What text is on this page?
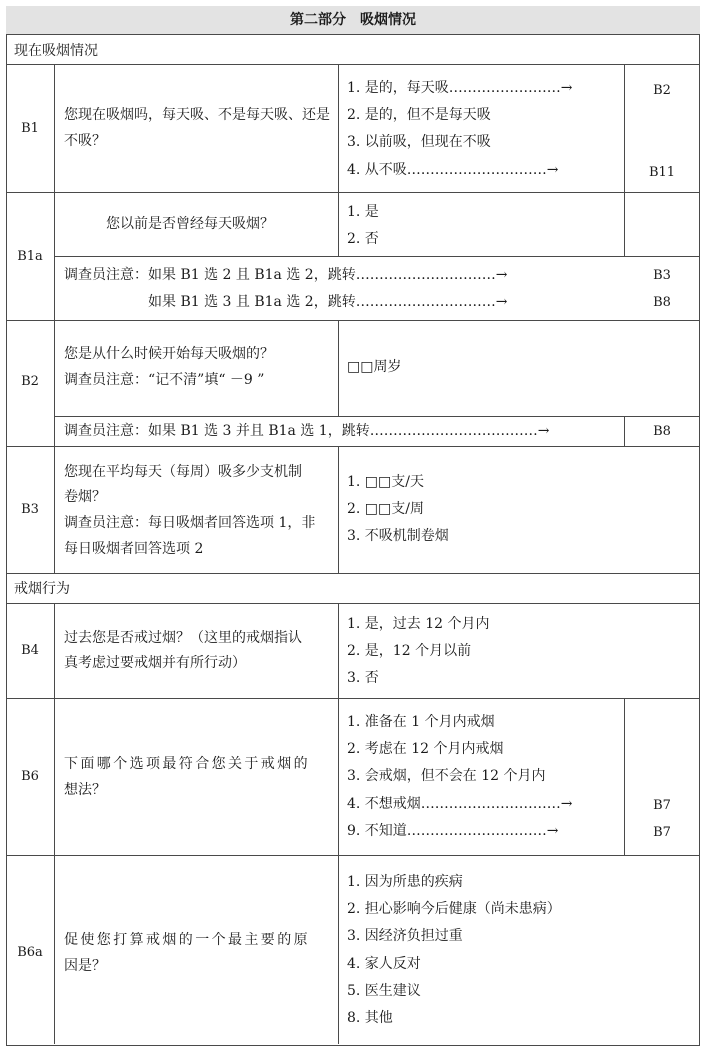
第二部分　吸烟情况
现在吸烟情况
B1
您现在吸烟吗，每天吸、不是每天吸、还是不吸？
1. 是的，每天吸……………………→
2. 是的，但不是每天吸
3. 以前吸，但现在不吸
4. 从不吸…………………………→
B2
B11
B1a
您以前是否曾经每天吸烟？
1. 是
2. 否
调查员注意：如果 B1 选 2 且 B1a 选 2，跳转…………………………→
如果 B1 选 3 且 B1a 选 2，跳转…………………………→
B3
B8
B2
您是从什么时候开始每天吸烟的？
调查员注意：“记不清”填“ －9 ”
□□周岁
调查员注意：如果 B1 选 3 并且 B1a 选 1，跳转………………………………→	B8
B3
您现在平均每天（每周）吸多少支机制
卷烟？
调查员注意：每日吸烟者回答选项 1，非
每日吸烟者回答选项 2
1. □□支/天
2. □□支/周
3. 不吸机制卷烟
戒烟行为
B4
过去您是否戒过烟？（这里的戒烟指认
真考虑过要戒烟并有所行动）
1. 是，过去 12 个月内
2. 是，12 个月以前
3. 否
B6
下面哪个选项最符合您关于戒烟的
想法？
1. 准备在 1 个月内戒烟
2. 考虑在 12 个月内戒烟
3. 会戒烟，但不会在 12 个月内
4. 不想戒烟…………………………→
9. 不知道…………………………→
B7
B7
B6a
促使您打算戒烟的一个最主要的原
因是？
1. 因为所患的疾病
2. 担心影响今后健康（尚未患病）
3. 因经济负担过重
4. 家人反对
5. 医生建议
8. 其他
